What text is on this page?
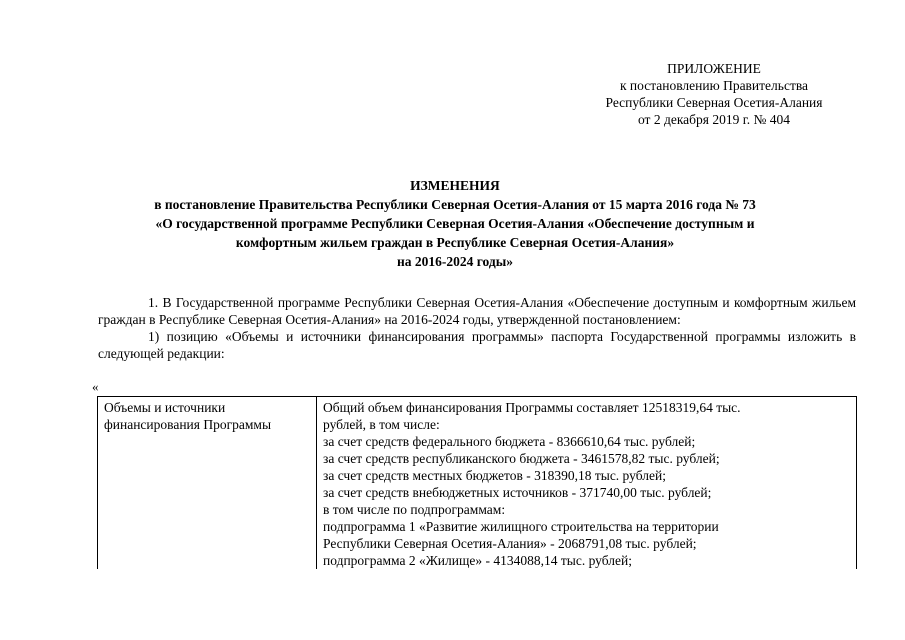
ПРИЛОЖЕНИЕ
к постановлению Правительства
Республики Северная Осетия-Алания
от 2 декабря 2019 г. № 404
ИЗМЕНЕНИЯ
в постановление Правительства Республики Северная Осетия-Алания от 15 марта 2016 года № 73
«О государственной программе Республики Северная Осетия-Алания «Обеспечение доступным и
комфортным жильем граждан в Республике Северная Осетия-Алания»
на 2016-2024 годы»

1. В Государственной программе Республики Северная Осетия-Алания «Обеспечение доступным и комфортным жильем граждан в Республике Северная Осетия-Алания» на 2016-2024 годы, утвержденной постановлением:

1) позицию «Объемы и источники финансирования программы» паспорта Государственной программы изложить в следующей редакции:

«
Объемы и источники
финансирования Программы

Общий объем финансирования Программы составляет 12518319,64 тыс.
рублей, в том числе:
за счет средств федерального бюджета - 8366610,64 тыс. рублей;
за счет средств республиканского бюджета - 3461578,82 тыс. рублей;
за счет средств местных бюджетов - 318390,18 тыс. рублей;
за счет средств внебюджетных источников - 371740,00 тыс. рублей;
в том числе по подпрограммам:
подпрограмма 1 «Развитие жилищного строительства на территории
Республики Северная Осетия-Алания» - 2068791,08 тыс. рублей;
подпрограмма 2 «Жилище» - 4134088,14 тыс. рублей;
